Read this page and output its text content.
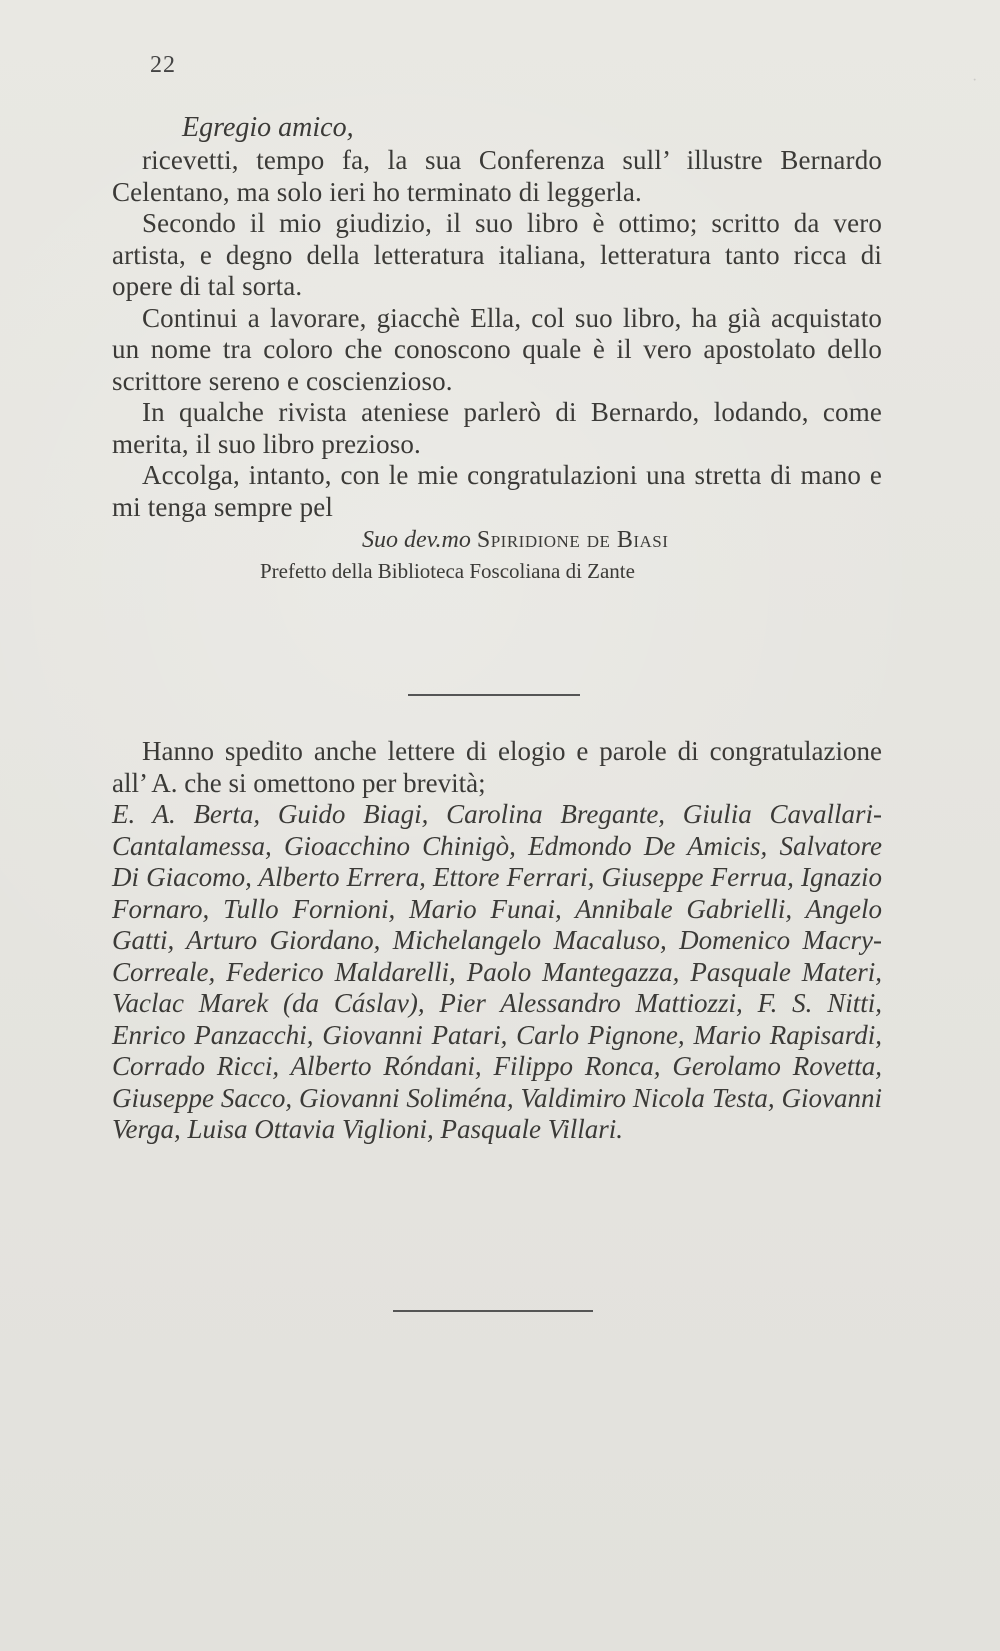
22
·

Egregio amico,

ricevetti, tempo fa, la sua Conferenza sull’ illustre Bernardo Celentano, ma solo ieri ho terminato di leggerla.

Secondo il mio giudizio, il suo libro è ottimo; scritto da vero artista, e degno della letteratura italiana, letteratura tanto ricca di opere di tal sorta.

Continui a lavorare, giacchè Ella, col suo libro, ha già acquistato un nome tra coloro che conoscono quale è il vero apostolato dello scrittore sereno e coscienzioso.

In qualche rivista ateniese parlerò di Bernardo, lodando, come merita, il suo libro prezioso.

Accolga, intanto, con le mie congratulazioni una stretta di mano e mi tenga sempre pel

Suo dev.mo Spiridione de Biasi
Prefetto della Biblioteca Foscoliana di Zante

Hanno spedito anche lettere di elogio e parole di congratulazione all’ A. che si omettono per brevità;

E. A. Berta, Guido Biagi, Carolina Bregante, Giulia Cavallari-Cantalamessa, Gioacchino Chinigò, Edmondo De Amicis, Salvatore Di Giacomo, Alberto Errera, Ettore Ferrari, Giuseppe Ferrua, Ignazio Fornaro, Tullo Fornioni, Mario Funai, Annibale Gabrielli, Angelo Gatti, Arturo Giordano, Michelangelo Macaluso, Domenico Macry-Correale, Federico Maldarelli, Paolo Mantegazza, Pasquale Materi, Vaclac Marek (da Cáslav), Pier Alessandro Mattiozzi, F. S. Nitti, Enrico Panzacchi, Giovanni Patari, Carlo Pignone, Mario Rapisardi, Corrado Ricci, Alberto Róndani, Filippo Ronca, Gerolamo Rovetta, Giuseppe Sacco, Giovanni Soliména, Valdimiro Nicola Testa, Giovanni Verga, Luisa Ottavia Viglioni, Pasquale Villari.
